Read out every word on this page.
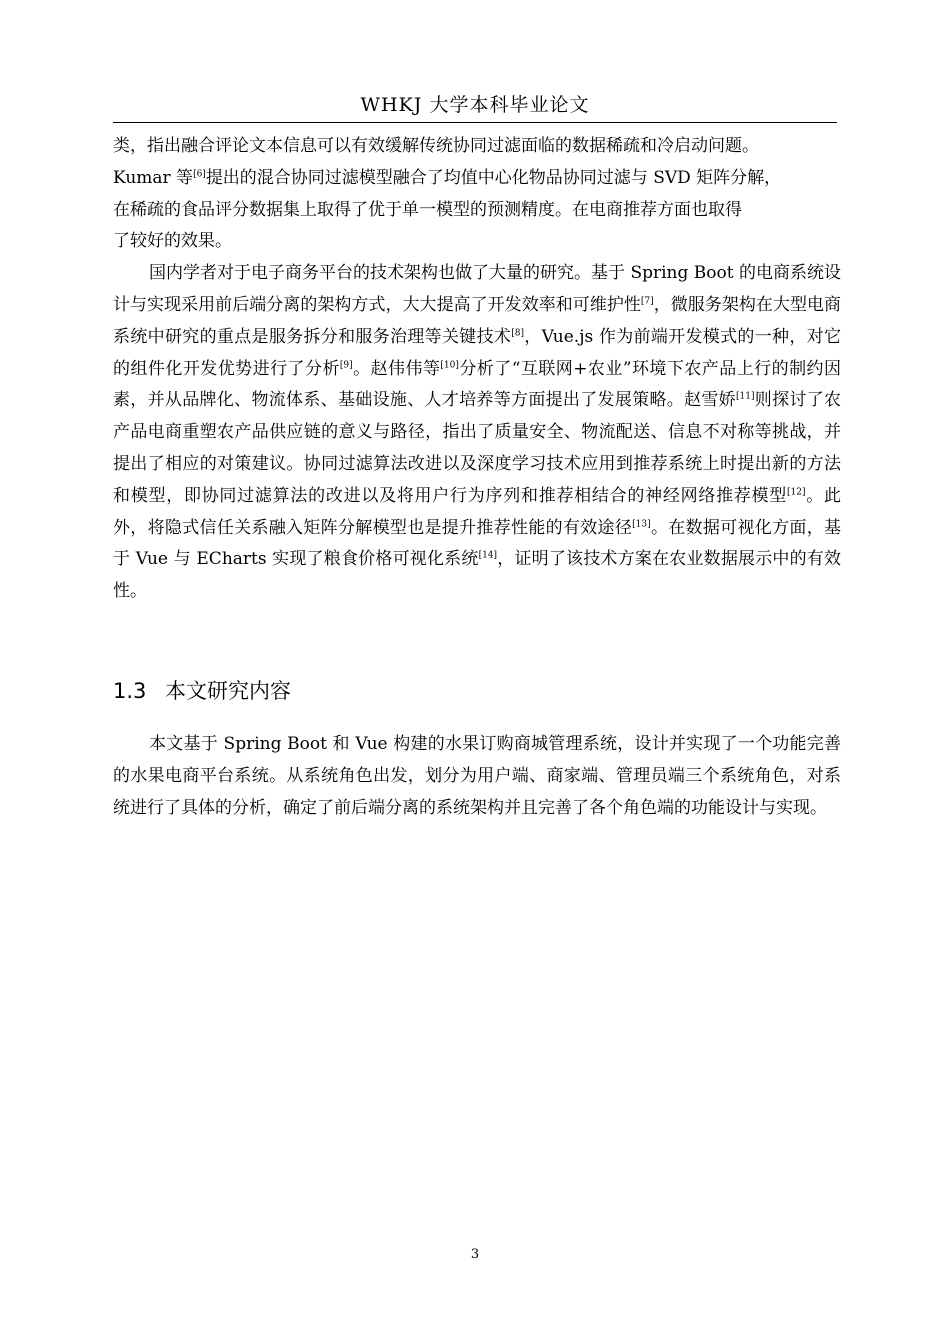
WHKJ 大学本科毕业论文

类，指出融合评论文本信息可以有效缓解传统协同过滤面临的数据稀疏和冷启动问题。
Kumar 等[6]提出的混合协同过滤模型融合了均值中心化物品协同过滤与 SVD 矩阵分解，
在稀疏的食品评分数据集上取得了优于单一模型的预测精度。在电商推荐方面也取得
了较好的效果。

国内学者对于电子商务平台的技术架构也做了大量的研究。基于 Spring Boot 的电商系统设计与实现采用前后端分离的架构方式，大大提高了开发效率和可维护性[7]，微服务架构在大型电商系统中研究的重点是服务拆分和服务治理等关键技术[8]，Vue.js 作为前端开发模式的一种，对它的组件化开发优势进行了分析[9]。赵伟伟等[10]分析了“互联网+农业”环境下农产品上行的制约因素，并从品牌化、物流体系、基础设施、人才培养等方面提出了发展策略。赵雪娇[11]则探讨了农产品电商重塑农产品供应链的意义与路径，指出了质量安全、物流配送、信息不对称等挑战，并提出了相应的对策建议。协同过滤算法改进以及深度学习技术应用到推荐系统上时提出新的方法和模型，即协同过滤算法的改进以及将用户行为序列和推荐相结合的神经网络推荐模型[12]。此外，将隐式信任关系融入矩阵分解模型也是提升推荐性能的有效途径[13]。在数据可视化方面，基于 Vue 与 ECharts 实现了粮食价格可视化系统[14]，证明了该技术方案在农业数据展示中的有效性。

1.3 本文研究内容

本文基于 Spring Boot 和 Vue 构建的水果订购商城管理系统，设计并实现了一个功能完善的水果电商平台系统。从系统角色出发，划分为用户端、商家端、管理员端三个系统角色，对系统进行了具体的分析，确定了前后端分离的系统架构并且完善了各个角色端的功能设计与实现。

3
